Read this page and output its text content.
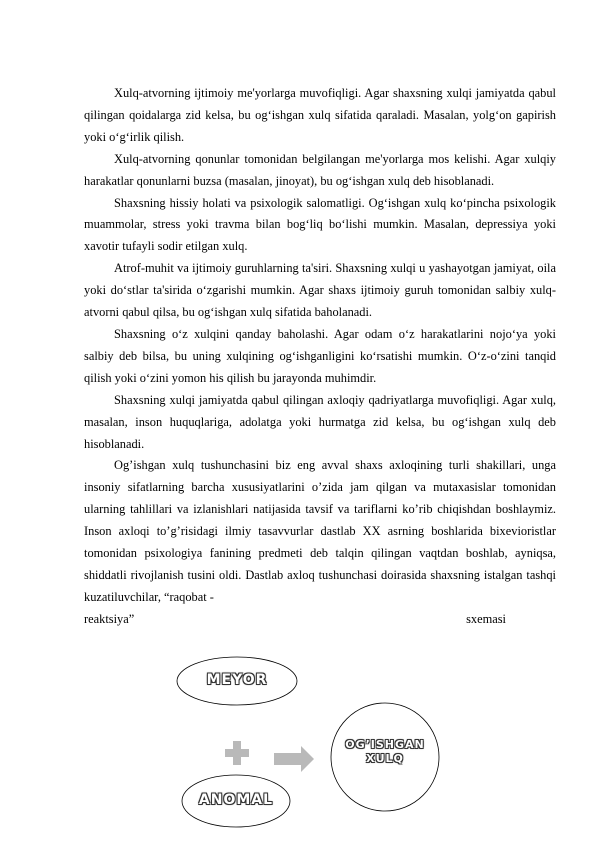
Xulq-atvorning ijtimoiy me'yorlarga muvofiqligi. Agar shaxsning xulqi jamiyatda qabul qilingan qoidalarga zid kelsa, bu og‘ishgan xulq sifatida qaraladi. Masalan, yolg‘on gapirish yoki o‘g‘irlik qilish.

Xulq-atvorning qonunlar tomonidan belgilangan me'yorlarga mos kelishi. Agar xulqiy harakatlar qonunlarni buzsa (masalan, jinoyat), bu og‘ishgan xulq deb hisoblanadi.

Shaxsning hissiy holati va psixologik salomatligi. Og‘ishgan xulq ko‘pincha psixologik muammolar, stress yoki travma bilan bog‘liq bo‘lishi mumkin. Masalan, depressiya yoki xavotir tufayli sodir etilgan xulq.

Atrof-muhit va ijtimoiy guruhlarning ta'siri. Shaxsning xulqi u yashayotgan jamiyat, oila yoki do‘stlar ta'sirida o‘zgarishi mumkin. Agar shaxs ijtimoiy guruh tomonidan salbiy xulq-atvorni qabul qilsa, bu og‘ishgan xulq sifatida baholanadi.

Shaxsning o‘z xulqini qanday baholashi. Agar odam o‘z harakatlarini nojo‘ya yoki salbiy deb bilsa, bu uning xulqining og‘ishganligini ko‘rsatishi mumkin. O‘z-o‘zini tanqid qilish yoki o‘zini yomon his qilish bu jarayonda muhimdir.

Shaxsning xulqi jamiyatda qabul qilingan axloqiy qadriyatlarga muvofiqligi. Agar xulq, masalan, inson huquqlariga, adolatga yoki hurmatga zid kelsa, bu og‘ishgan xulq deb hisoblanadi.

Og’ishgan xulq tushunchasini biz eng avval shaxs axloqining turli shakillari, unga insoniy sifatlarning barcha xususiyatlarini o’zida jam qilgan va mutaxasislar tomonidan ularning tahlillari va izlanishlari natijasida tavsif va tariflarni ko’rib chiqishdan boshlaymiz. Inson axloqi to’g’risidagi ilmiy tasavvurlar dastlab XX asrning boshlarida bixevioristlar tomonidan psixologiya fanining predmeti deb talqin qilingan vaqtdan boshlab, ayniqsa, shiddatli rivojlanish tusini oldi. Dastlab axloq tushunchasi doirasida shaxsning istalgan tashqi kuzatiluvchilar, “raqobat -

reaktsiya”	sxemasi
MEYOR
ANOMAL
OG’ISHGAN
XULQ
